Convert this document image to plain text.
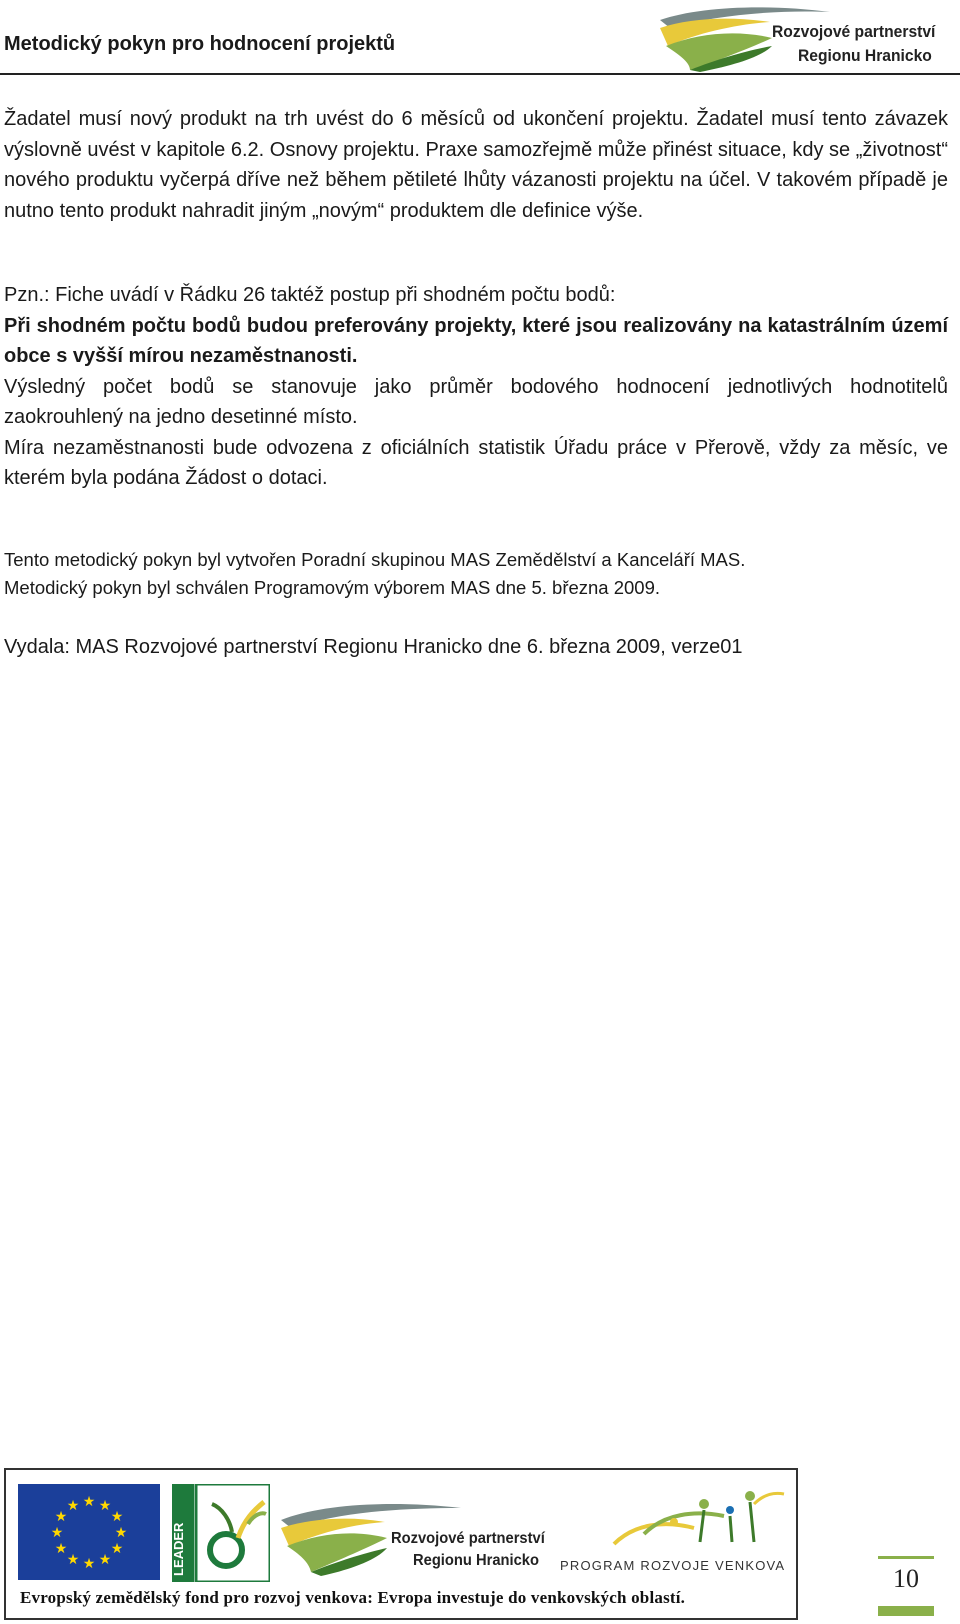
Metodický pokyn pro hodnocení projektů
Rozvojové partnerství
Regionu Hranicko

Žadatel musí nový produkt na trh uvést do 6 měsíců od ukončení projektu. Žadatel musí tento závazek výslovně uvést v kapitole 6.2. Osnovy projektu. Praxe samozřejmě může přinést situace, kdy se „životnost“ nového produktu vyčerpá dříve než během pětileté lhůty vázanosti projektu na účel. V takovém případě je nutno tento produkt nahradit jiným „novým“ produktem dle definice výše.

Pzn.: Fiche uvádí v Řádku 26 taktéž postup při shodném počtu bodů:

Při shodném počtu bodů budou preferovány projekty, které jsou realizovány na katastrálním území obce s vyšší mírou nezaměstnanosti.

Výsledný počet bodů se stanovuje jako průměr bodového hodnocení jednotlivých hodnotitelů zaokrouhlený na jedno desetinné místo.

Míra nezaměstnanosti bude odvozena z oficiálních statistik Úřadu práce v Přerově, vždy za měsíc, ve kterém byla podána Žádost o dotaci.

Tento metodický pokyn byl vytvořen Poradní skupinou MAS Zemědělství a Kanceláří MAS.

Metodický pokyn byl schválen Programovým výborem MAS dne 5. března 2009.

Vydala: MAS Rozvojové partnerství Regionu Hranicko dne 6. března 2009, verze01

★ ★
★
★
★
★
★
★
★
★
★
★
LEADER	Rozvojové partnerství
Regionu Hranicko PROGRAM ROZVOJE VENKOVA
Evropský zemědělský fond pro rozvoj venkova: Evropa investuje do venkovských oblastí.
10
